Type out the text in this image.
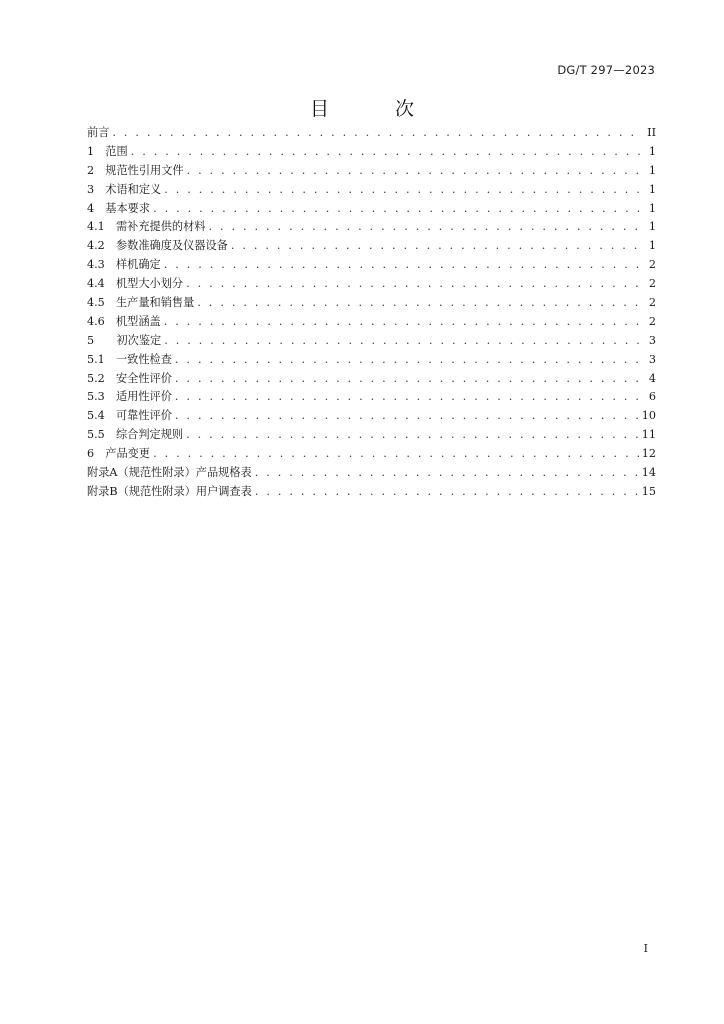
DG/T 297—2023
目 次
前言 . . .	II
1　范围 . . .	1
2　规范性引用文件 . . .	1
3　术语和定义 . . .	1
4　基本要求 . . .	1
4.1　需补充提供的材料 . . .	1
4.2　参数准确度及仪器设备 . . .	1
4.3　样机确定 . . .	2
4.4　机型大小划分 . . .	2
4.5　生产量和销售量 . . .	2
4.6　机型涵盖 . . .	2
5　　初次鉴定 . . .	3
5.1　一致性检查 . . .	3
5.2　安全性评价 . . .	4
5.3　适用性评价 . . .	6
5.4　可靠性评价 . . .	10
5.5　综合判定规则 . . .	11
6　产品变更 . . .	12
附录A（规范性附录）产品规格表 . . .	14
附录B（规范性附录）用户调查表 . . .	15
I
